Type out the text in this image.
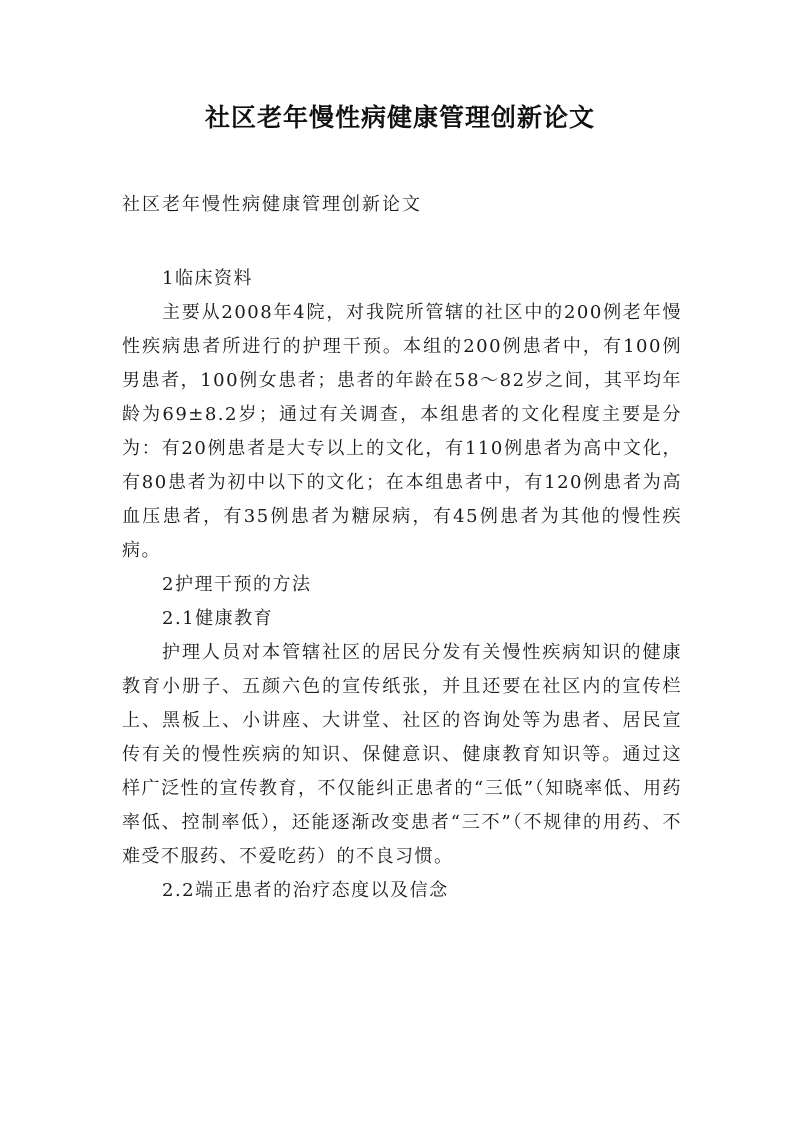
社区老年慢性病健康管理创新论文
社区老年慢性病健康管理创新论文

1临床资料

主要从2008年4院，对我院所管辖的社区中的200例老年慢性疾病患者所进行的护理干预。本组的200例患者中，有100例男患者，100例女患者；患者的年龄在58～82岁之间，其平均年龄为69±8.2岁；通过有关调查，本组患者的文化程度主要是分为：有20例患者是大专以上的文化，有110例患者为高中文化，有80患者为初中以下的文化；在本组患者中，有120例患者为高血压患者，有35例患者为糖尿病，有45例患者为其他的慢性疾病。

2护理干预的方法

2.1健康教育

护理人员对本管辖社区的居民分发有关慢性疾病知识的健康教育小册子、五颜六色的宣传纸张，并且还要在社区内的宣传栏上、黑板上、小讲座、大讲堂、社区的咨询处等为患者、居民宣传有关的慢性疾病的知识、保健意识、健康教育知识等。通过这样广泛性的宣传教育，不仅能纠正患者的“三低”（知晓率低、用药率低、控制率低），还能逐渐改变患者“三不”（不规律的用药、不难受不服药、不爱吃药）的不良习惯。

2.2端正患者的治疗态度以及信念
